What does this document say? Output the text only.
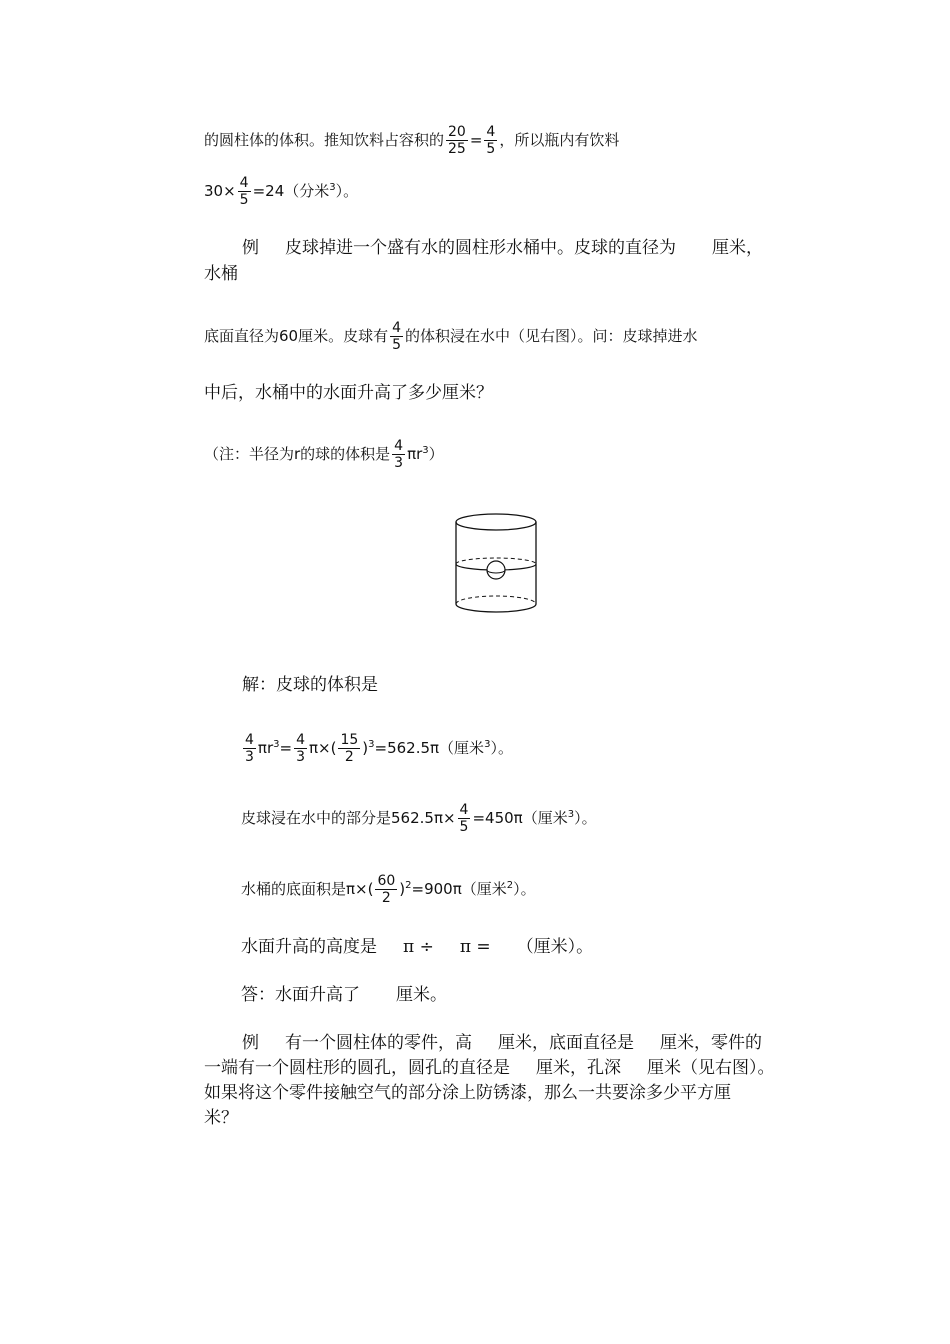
的圆柱体的体积。推知饮料占容积的 $\frac{20}{25} = \frac{4}{5}$ ，所以瓶内有饮料
$30\times \frac{4}{5} =24$（分米$^3$）。
例 皮球掉进一个盛有水的圆柱形水桶中。皮球的直径为 厘米，
水桶
底面直径为60厘米。皮球有 $\frac{4}{5}$ 的体积浸在水中（见右图）。问：皮球掉进水
中后，水桶中的水面升高了多少厘米？
（注：半径为r的球的体积是 $\frac{4}{3} \pi r^3$）
解：皮球的体积是
$\frac{4}{3} \pi r^3= \frac{4}{3} \pi\times( \frac{15}{2} )^3=562.5\pi$（厘米$^3$）。
皮球浸在水中的部分是$562.5\pi\times \frac{4}{5} =450\pi$（厘米$^3$）。
水桶的底面积是$\pi\times( \frac{60}{2} )^2=900\pi$（厘米$^2$）。
水面升高的高度是 π ÷ π = （厘米）。
答：水面升高了 厘米。
例 有一个圆柱体的零件，高 厘米，底面直径是 厘米，零件的
一端有一个圆柱形的圆孔，圆孔的直径是 厘米，孔深 厘米（见右图）。
如果将这个零件接触空气的部分涂上防锈漆，那么一共要涂多少平方厘
米？
